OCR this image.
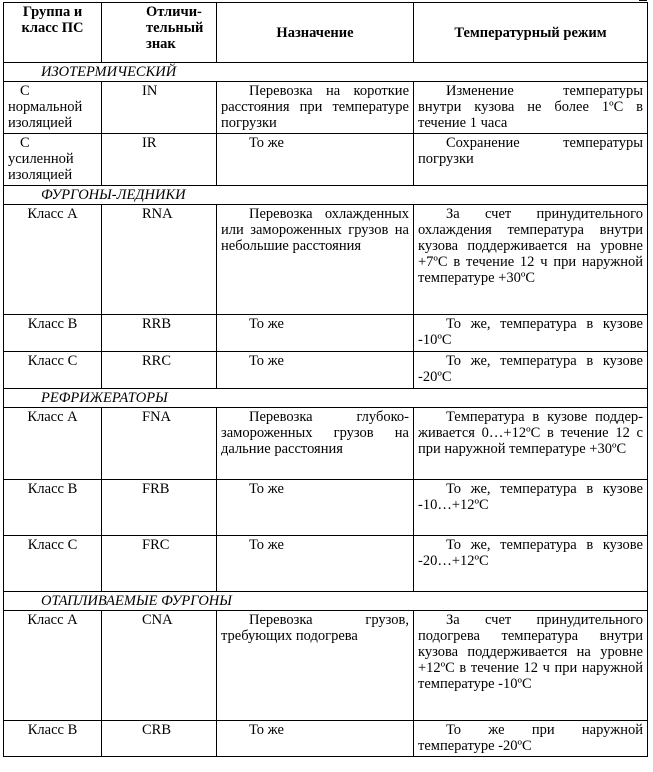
Группа и класс ПС	Отличи-тельный знак	Назначение	Температурный режим
ИЗОТЕРМИЧЕСКИЙ			
С нормальной изоляцией	IN	Перевозка на короткие расстояния при температуре погрузки	Изменение температуры внутри кузова не более 1ºС в течение 1 часа
С усиленной изоляцией	IR	То же	Сохранение температуры погрузки
ФУРГОНЫ-ЛЕДНИКИ			
Класс А	RNA	Перевозка охлажденных или замороженных грузов на небольшие расстояния	За счет принудительного охлаждения температура внутри кузова поддерживается на уровне +7ºС в течение 12 ч при наружной температуре +30ºС
Класс В	RRB	То же	То же, температура в кузове -10ºС
Класс С	RRC	То же	То же, температура в кузове -20ºС
РЕФРИЖЕРАТОРЫ			
Класс А	FNA	Перевозка глубоко-замороженных грузов на дальние расстояния	Температура в кузове поддер- живается 0…+12ºС в течение 12 с при наружной температуре +30ºС
Класс В	FRB	То же	То же, температура в кузове -10…+12ºС
Класс С	FRC	То же	То же, температура в кузове -20…+12ºС
ОТАПЛИВАЕМЫЕ ФУРГОНЫ			
Класс А	CNA	Перевозка грузов, требующих подогрева	За счет принудительного подогрева температура внутри кузова поддерживается на уровне +12ºС в течение 12 ч при наружной температуре -10ºС
Класс В	CRB	То же	То же при наружной температуре -20ºС
